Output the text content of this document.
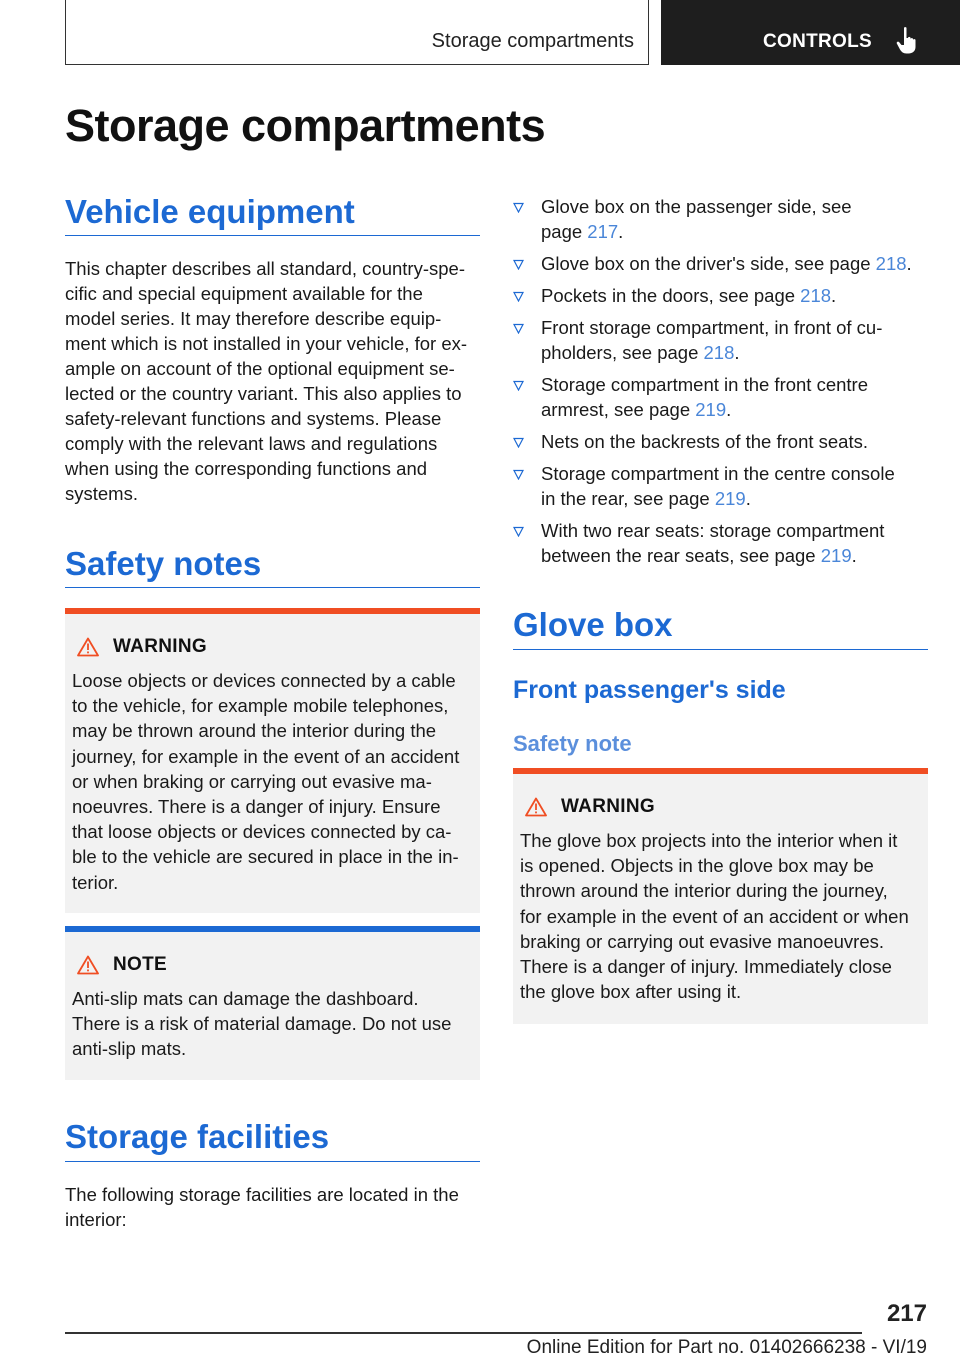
Storage compartments	CONTROLS
Storage compartments
Vehicle equipment

This chapter describes all standard, country-spe-
cific and special equipment available for the
model series. It may therefore describe equip-
ment which is not installed in your vehicle, for ex-
ample on account of the optional equipment se-
lected or the country variant. This also applies to
safety-relevant functions and systems. Please
comply with the relevant laws and regulations
when using the corresponding functions and
systems.

Safety notes
WARNING

Loose objects or devices connected by a cable
to the vehicle, for example mobile telephones,
may be thrown around the interior during the
journey, for example in the event of an accident
or when braking or carrying out evasive ma-
noeuvres. There is a danger of injury. Ensure
that loose objects or devices connected by ca-
ble to the vehicle are secured in place in the in-
terior.

NOTE

Anti-slip mats can damage the dashboard.
There is a risk of material damage. Do not use
anti-slip mats.

Storage facilities

The following storage facilities are located in the
interior:

Glove box on the passenger side, see
page 217.
Glove box on the driver's side, see page 218.
Pockets in the doors, see page 218.
Front storage compartment, in front of cu-
pholders, see page 218.
Storage compartment in the front centre
armrest, see page 219.
Nets on the backrests of the front seats.
Storage compartment in the centre console
in the rear, see page 219.
With two rear seats: storage compartment
between the rear seats, see page 219.
Glove box
Front passenger's side
Safety note
WARNING

The glove box projects into the interior when it
is opened. Objects in the glove box may be
thrown around the interior during the journey,
for example in the event of an accident or when
braking or carrying out evasive manoeuvres.
There is a danger of injury. Immediately close
the glove box after using it.

217
Online Edition for Part no. 01402666238 - VI/19
